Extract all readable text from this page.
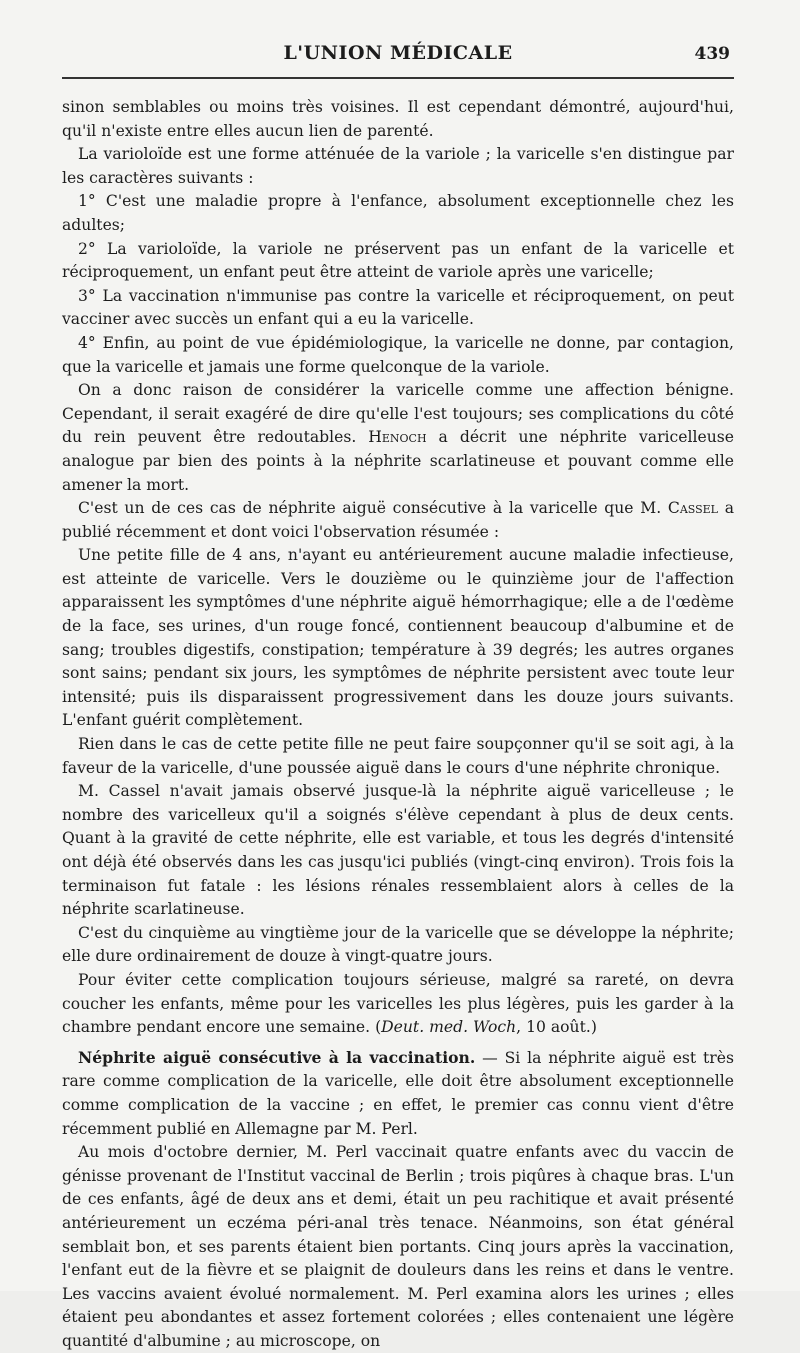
L'UNION MÉDICALE	439

sinon semblables ou moins très voisines. Il est cependant démontré, aujourd'hui, qu'il n'existe entre elles aucun lien de parenté.

La varioloïde est une forme atténuée de la variole ; la varicelle s'en distingue par les caractères suivants :

1° C'est une maladie propre à l'enfance, absolument exceptionnelle chez les adultes;

2° La varioloïde, la variole ne préservent pas un enfant de la varicelle et réciproquement, un enfant peut être atteint de variole après une varicelle;

3° La vaccination n'immunise pas contre la varicelle et réciproquement, on peut vacciner avec succès un enfant qui a eu la varicelle.

4° Enfin, au point de vue épidémiologique, la varicelle ne donne, par contagion, que la varicelle et jamais une forme quelconque de la variole.

On a donc raison de considérer la varicelle comme une affection bénigne. Cependant, il serait exagéré de dire qu'elle l'est toujours; ses complications du côté du rein peuvent être redoutables. Henoch a décrit une néphrite varicelleuse analogue par bien des points à la néphrite scarlatineuse et pouvant comme elle amener la mort.

C'est un de ces cas de néphrite aiguë consécutive à la varicelle que M. Cassel a publié récemment et dont voici l'observation résumée :

Une petite fille de 4 ans, n'ayant eu antérieurement aucune maladie infectieuse, est atteinte de varicelle. Vers le douzième ou le quinzième jour de l'affection apparaissent les symptômes d'une néphrite aiguë hémorrhagique; elle a de l'œdème de la face, ses urines, d'un rouge foncé, contiennent beaucoup d'albumine et de sang; troubles digestifs, constipation; température à 39 degrés; les autres organes sont sains; pendant six jours, les symptômes de néphrite persistent avec toute leur intensité; puis ils disparaissent progressivement dans les douze jours suivants. L'enfant guérit complètement.

Rien dans le cas de cette petite fille ne peut faire soupçonner qu'il se soit agi, à la faveur de la varicelle, d'une poussée aiguë dans le cours d'une néphrite chronique.

M. Cassel n'avait jamais observé jusque-là la néphrite aiguë varicelleuse ; le nombre des varicelleux qu'il a soignés s'élève cependant à plus de deux cents. Quant à la gravité de cette néphrite, elle est variable, et tous les degrés d'intensité ont déjà été observés dans les cas jusqu'ici publiés (vingt-cinq environ). Trois fois la terminaison fut fatale : les lésions rénales ressemblaient alors à celles de la néphrite scarlatineuse.

C'est du cinquième au vingtième jour de la varicelle que se développe la néphrite; elle dure ordinairement de douze à vingt-quatre jours.

Pour éviter cette complication toujours sérieuse, malgré sa rareté, on devra coucher les enfants, même pour les varicelles les plus légères, puis les garder à la chambre pendant encore une semaine. (Deut. med. Woch, 10 août.)

Néphrite aiguë consécutive à la vaccination. — Si la néphrite aiguë est très rare comme complication de la varicelle, elle doit être absolument exceptionnelle comme complication de la vaccine ; en effet, le premier cas connu vient d'être récemment publié en Allemagne par M. Perl.

Au mois d'octobre dernier, M. Perl vaccinait quatre enfants avec du vaccin de génisse provenant de l'Institut vaccinal de Berlin ; trois piqûres à chaque bras. L'un de ces enfants, âgé de deux ans et demi, était un peu rachitique et avait présenté antérieurement un eczéma péri-anal très tenace. Néanmoins, son état général semblait bon, et ses parents étaient bien portants. Cinq jours après la vaccination, l'enfant eut de la fièvre et se plaignit de douleurs dans les reins et dans le ventre. Les vaccins avaient évolué normalement. M. Perl examina alors les urines ; elles étaient peu abondantes et assez fortement colorées ; elles contenaient une légère quantité d'albumine ; au microscope, on
